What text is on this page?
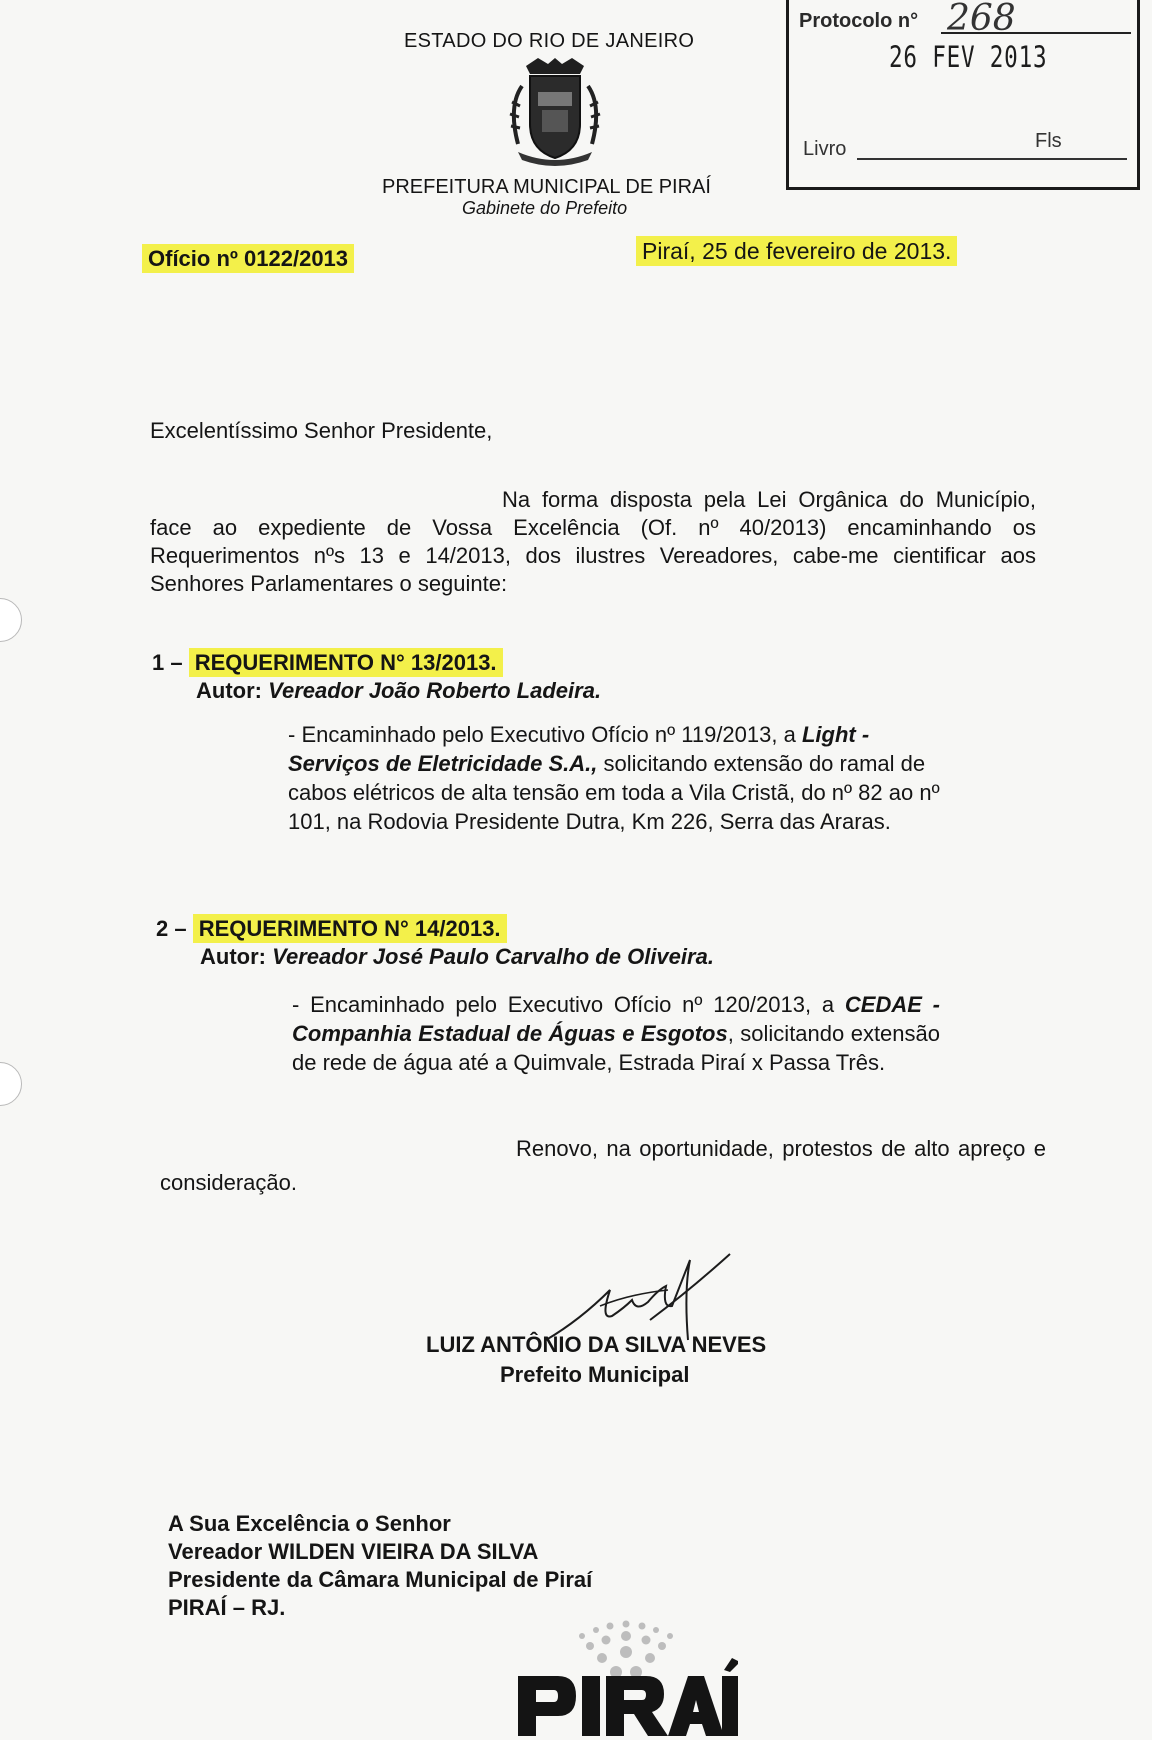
ESTADO DO RIO DE JANEIRO
PREFEITURA MUNICIPAL DE PIRAÍ
Gabinete do Prefeito
Protocolo n° 268
26 FEV 2013
Livro	Fls
Ofício nº 0122/2013	Piraí, 25 de fevereiro de 2013.
Excelentíssimo Senhor Presidente,
Na forma disposta pela Lei Orgânica do Município, face ao expediente de Vossa Excelência (Of. nº 40/2013) encaminhando os Requerimentos nºs 13 e 14/2013, dos ilustres Vereadores, cabe-me cientificar aos Senhores Parlamentares o seguinte:
1 – REQUERIMENTO N° 13/2013.
Autor: Vereador João Roberto Ladeira.
- Encaminhado pelo Executivo Ofício nº 119/2013, a Light - Serviços de Eletricidade S.A., solicitando extensão do ramal de cabos elétricos de alta tensão em toda a Vila Cristã, do nº 82 ao nº 101, na Rodovia Presidente Dutra, Km 226, Serra das Araras.
2 – REQUERIMENTO N° 14/2013.
Autor: Vereador José Paulo Carvalho de Oliveira.
- Encaminhado pelo Executivo Ofício nº 120/2013, a CEDAE - Companhia Estadual de Águas e Esgotos, solicitando extensão de rede de água até a Quimvale, Estrada Piraí x Passa Três.
Renovo, na oportunidade, protestos de alto apreço e consideração.
LUIZ ANTÔNIO DA SILVA NEVES
Prefeito Municipal
A Sua Excelência o Senhor
Vereador WILDEN VIEIRA DA SILVA
Presidente da Câmara Municipal de Piraí
PIRAÍ – RJ.
